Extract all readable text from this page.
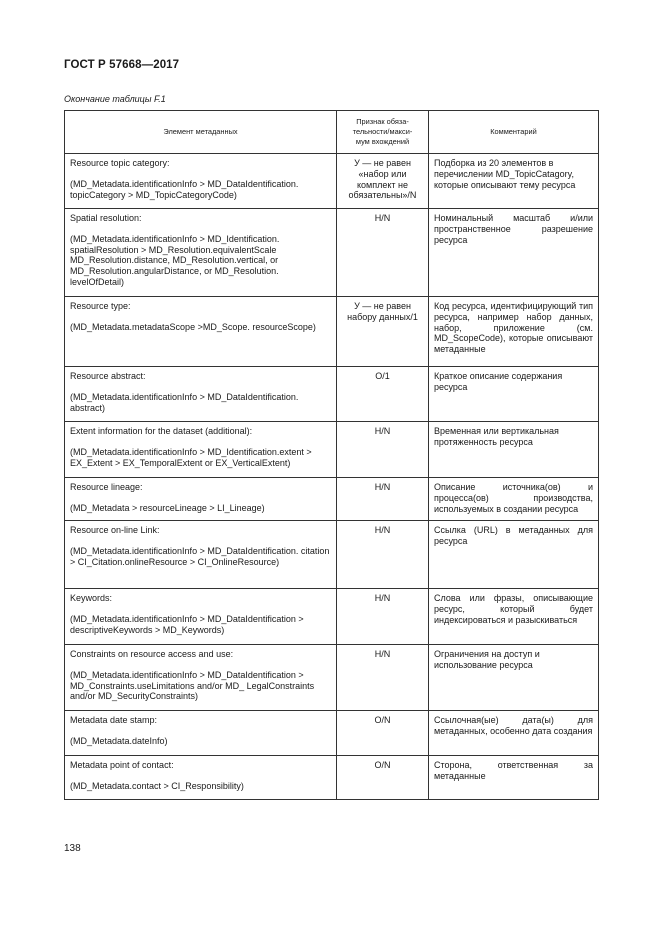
ГОСТ Р 57668—2017
Окончание таблицы F.1
Элемент метаданных	Признак обяза-
тельности/макси-
мум вхождений	Комментарий

Resource topic category:
(MD_Metadata.identificationInfo > MD_DataIdentification. topicCategory > MD_TopicCategoryCode)	У — не равен «набор или комплект не обязательны»/N	Подборка из 20 элементов в перечислении MD_TopicCatagory, которые описывают тему ресурса

Spatial resolution:
(MD_Metadata.identificationInfo > MD_Identification. spatialResolution > MD_Resolution.equivalentScale MD_Resolution.distance, MD_Resolution.vertical, or MD_Resolution.angularDistance, or MD_Resolution. levelOfDetail)	H/N	Номинальный масштаб и/или пространственное разрешение ресурса

Resource type:
(MD_Metadata.metadataScope >MD_Scope. resourceScope)	У — не равен набору данных/1	Код ресурса, идентифицирующий тип ресурса, например набор данных, набор, приложение (см. MD_ScopeCode), которые описывают метаданные

Resource abstract:
(MD_Metadata.identificationInfo > MD_DataIdentification. abstract)	O/1	Краткое описание содержания ресурса

Extent information for the dataset (additional):
(MD_Metadata.identificationInfo > MD_Identification.extent > EX_Extent > EX_TemporalExtent or EX_VerticalExtent)	H/N	Временная или вертикальная протяженность ресурса

Resource lineage:
(MD_Metadata > resourceLineage > LI_Lineage)	H/N	Описание источника(ов) и процесса(ов) производства, используемых в создании ресурса

Resource on-line Link:
(MD_Metadata.identificationInfo > MD_DataIdentification. citation > CI_Citation.onlineResource > CI_OnlineResource)	H/N	Ссылка (URL) в метаданных для ресурса

Keywords:
(MD_Metadata.identificationInfo > MD_DataIdentification > descriptiveKeywords > MD_Keywords)	H/N	Слова или фразы, описывающие ресурс, который будет индексироваться и разыскиваться

Constraints on resource access and use:
(MD_Metadata.identificationInfo > MD_DataIdentification > MD_Constraints.useLimitations and/or MD_ LegalConstraints and/or MD_SecurityConstraints)	H/N	Ограничения на доступ и использование ресурса

Metadata date stamp:
(MD_Metadata.dateInfo)	O/N	Ссылочная(ые) дата(ы) для метаданных, особенно дата создания

Metadata point of contact:
(MD_Metadata.contact > CI_Responsibility)	O/N	Сторона, ответственная за метаданные
138
